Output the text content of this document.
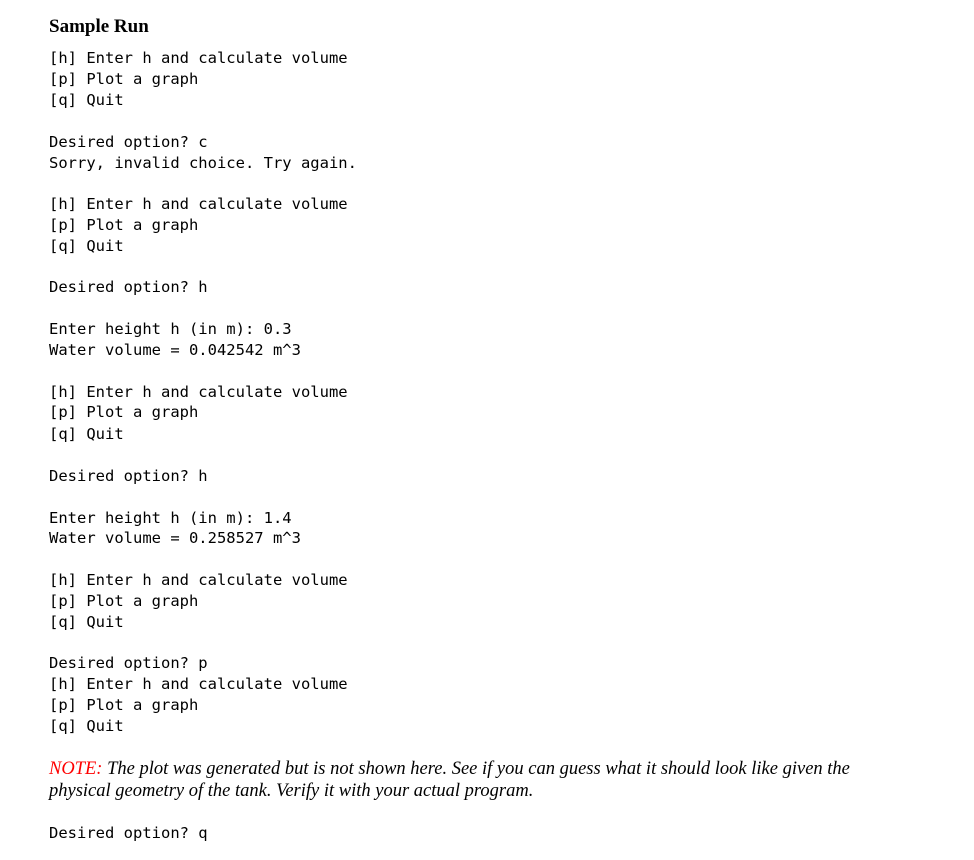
Sample Run
[h] Enter h and calculate volume
[p] Plot a graph
[q] Quit
Desired option? c
Sorry, invalid choice. Try again.
[h] Enter h and calculate volume
[p] Plot a graph
[q] Quit
Desired option? h
Enter height h (in m): 0.3
Water volume = 0.042542 m^3
[h] Enter h and calculate volume
[p] Plot a graph
[q] Quit
Desired option? h
Enter height h (in m): 1.4
Water volume = 0.258527 m^3
[h] Enter h and calculate volume
[p] Plot a graph
[q] Quit
Desired option? p
[h] Enter h and calculate volume
[p] Plot a graph
[q] Quit

NOTE: The plot was generated but is not shown here. See if you can guess what it should look like given the physical geometry of the tank. Verify it with your actual program.

Desired option? q
